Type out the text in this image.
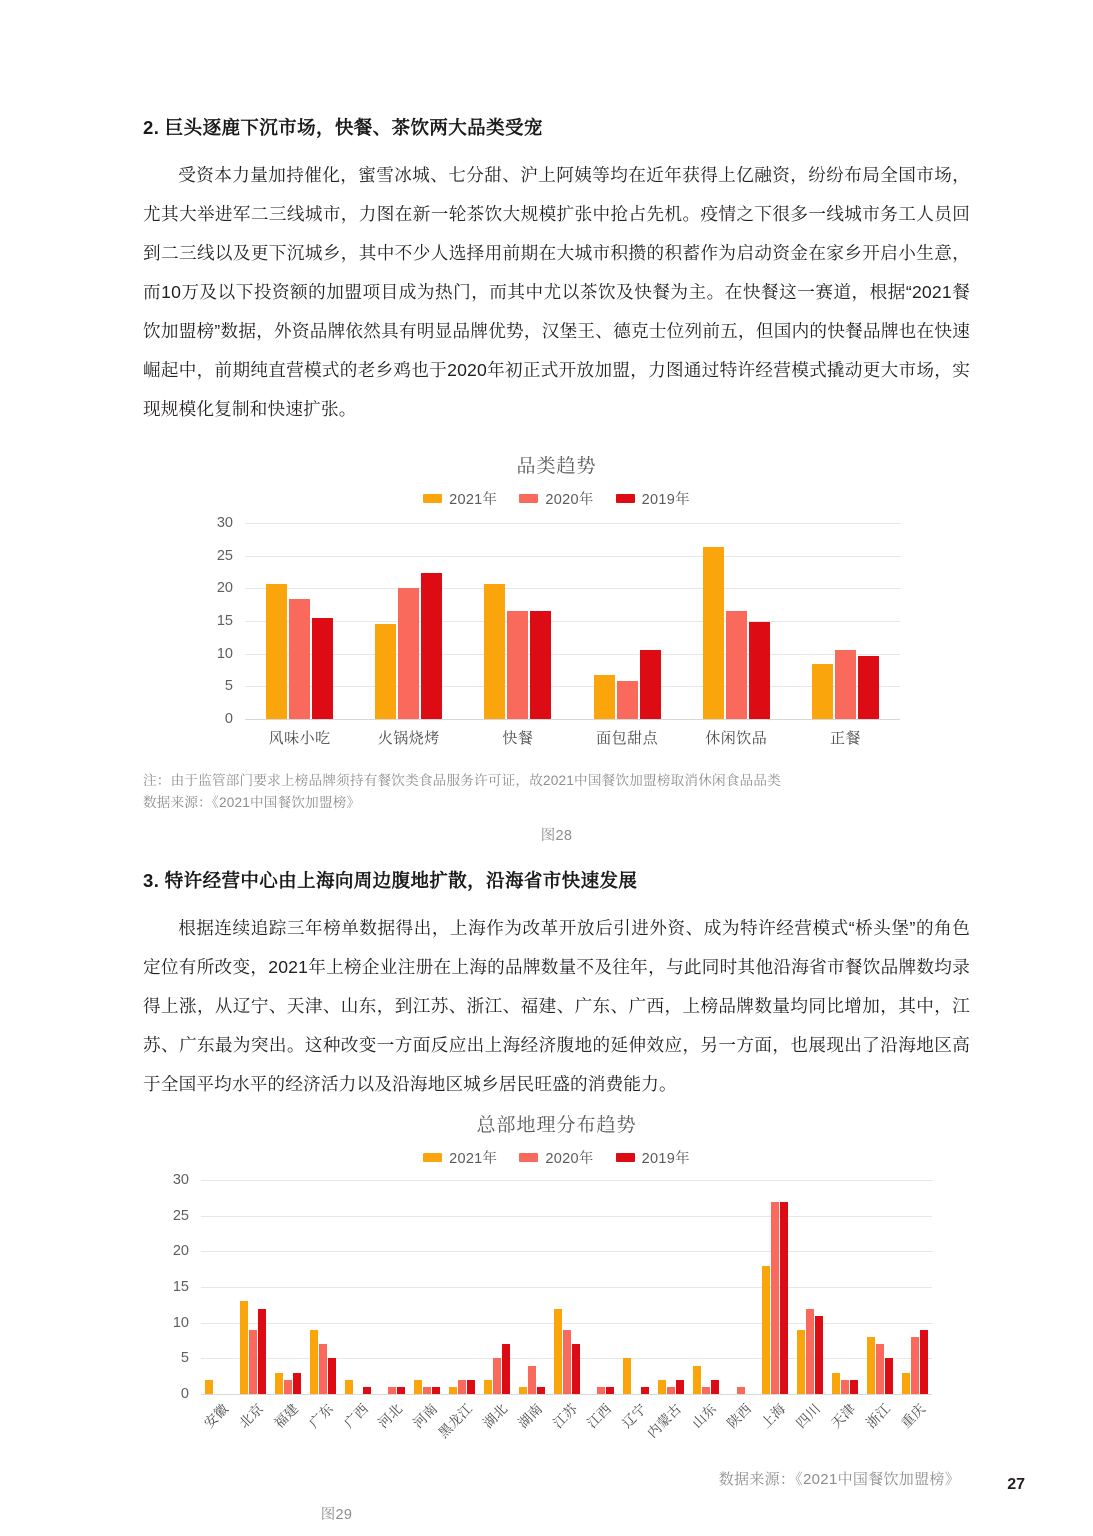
2. 巨头逐鹿下沉市场，快餐、茶饮两大品类受宠

受资本力量加持催化，蜜雪冰城、七分甜、沪上阿姨等均在近年获得上亿融资，纷纷布局全国市场，尤其大举进军二三线城市，力图在新一轮茶饮大规模扩张中抢占先机。疫情之下很多一线城市务工人员回到二三线以及更下沉城乡，其中不少人选择用前期在大城市积攒的积蓄作为启动资金在家乡开启小生意，而10万及以下投资额的加盟项目成为热门，而其中尤以茶饮及快餐为主。在快餐这一赛道，根据“2021餐饮加盟榜”数据，外资品牌依然具有明显品牌优势，汉堡王、德克士位列前五，但国内的快餐品牌也在快速崛起中，前期纯直营模式的老乡鸡也于2020年初正式开放加盟，力图通过特许经营模式撬动更大市场，实现规模化复制和快速扩张。

品类趋势
2021年	2020年	2019年
0
5
10
15
20
25
30
风味小吃	火锅烧烤	快餐	面包甜点	休闲饮品	正餐

注：由于监管部门要求上榜品牌须持有餐饮类食品服务许可证，故2021中国餐饮加盟榜取消休闲食品品类

数据来源：《2021中国餐饮加盟榜》

图28

3. 特许经营中心由上海向周边腹地扩散，沿海省市快速发展

根据连续追踪三年榜单数据得出，上海作为改革开放后引进外资、成为特许经营模式“桥头堡”的角色定位有所改变，2021年上榜企业注册在上海的品牌数量不及往年，与此同时其他沿海省市餐饮品牌数均录得上涨，从辽宁、天津、山东，到江苏、浙江、福建、广东、广西，上榜品牌数量均同比增加，其中，江苏、广东最为突出。这种改变一方面反应出上海经济腹地的延伸效应，另一方面，也展现出了沿海地区高于全国平均水平的经济活力以及沿海地区城乡居民旺盛的消费能力。

总部地理分布趋势
2021年	2020年	2019年
0
5
10
15
20
25
30
安徽 北京 福建 广东 广西 河北 河南
黑龙江 湖北 湖南 江苏 江西 辽宁
内蒙古 山东 陕西 上海 四川 天津 浙江 重庆

数据来源：《2021中国餐饮加盟榜》

图29

27
